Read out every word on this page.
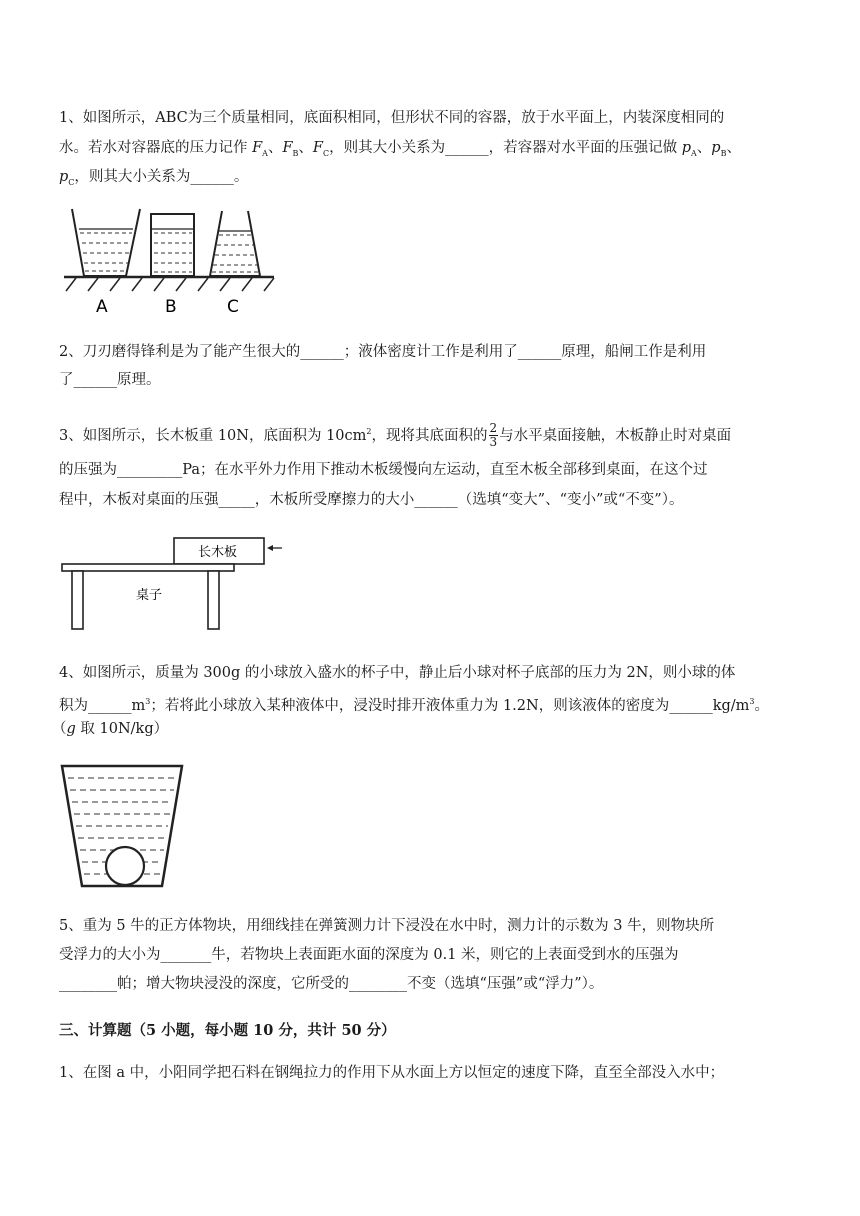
1、如图所示，ABC为三个质量相同，底面积相同，但形状不同的容器，放于水平面上，内装深度相同的
水。若水对容器底的压力记作 $F_A$、$F_B$、$F_C$，则其大小关系为______，若容器对水平面的压强记做 $p_A$、$p_B$、
$p_C$，则其大小关系为______。
A	B	C
2、刀刃磨得锋利是为了能产生很大的______；液体密度计工作是利用了______原理，船闸工作是利用
了______原理。
3、如图所示，长木板重 10N，底面积为 $10cm^2$，现将其底面积的 $\frac{2}{3}$ 与水平桌面接触，木板静止时对桌面
的压强为_________Pa；在水平外力作用下推动木板缓慢向左运动，直至木板全部移到桌面，在这个过
程中，木板对桌面的压强_____，木板所受摩擦力的大小______（选填“变大”、“变小”或“不变”）。
长木板
桌子
4、如图所示，质量为 300g 的小球放入盛水的杯子中，静止后小球对杯子底部的压力为 2N，则小球的体
积为$\_\_\_\_\_\_m^3$；若将此小球放入某种液体中，浸没时排开液体重力为 1.2N，则该液体的密度为$\_\_\_\_\_\_kg/m^3$。
（g 取 10N/kg）
5、重为 5 牛的正方体物块，用细线挂在弹簧测力计下浸没在水中时，测力计的示数为 3 牛，则物块所
受浮力的大小为_______牛，若物块上表面距水面的深度为 0.1 米，则它的上表面受到水的压强为
________帕；增大物块浸没的深度，它所受的________不变（选填“压强”或“浮力”）。
三、计算题（5 小题，每小题 10 分，共计 50 分）
1、在图 a 中，小阳同学把石料在钢绳拉力的作用下从水面上方以恒定的速度下降，直至全部没入水中；
